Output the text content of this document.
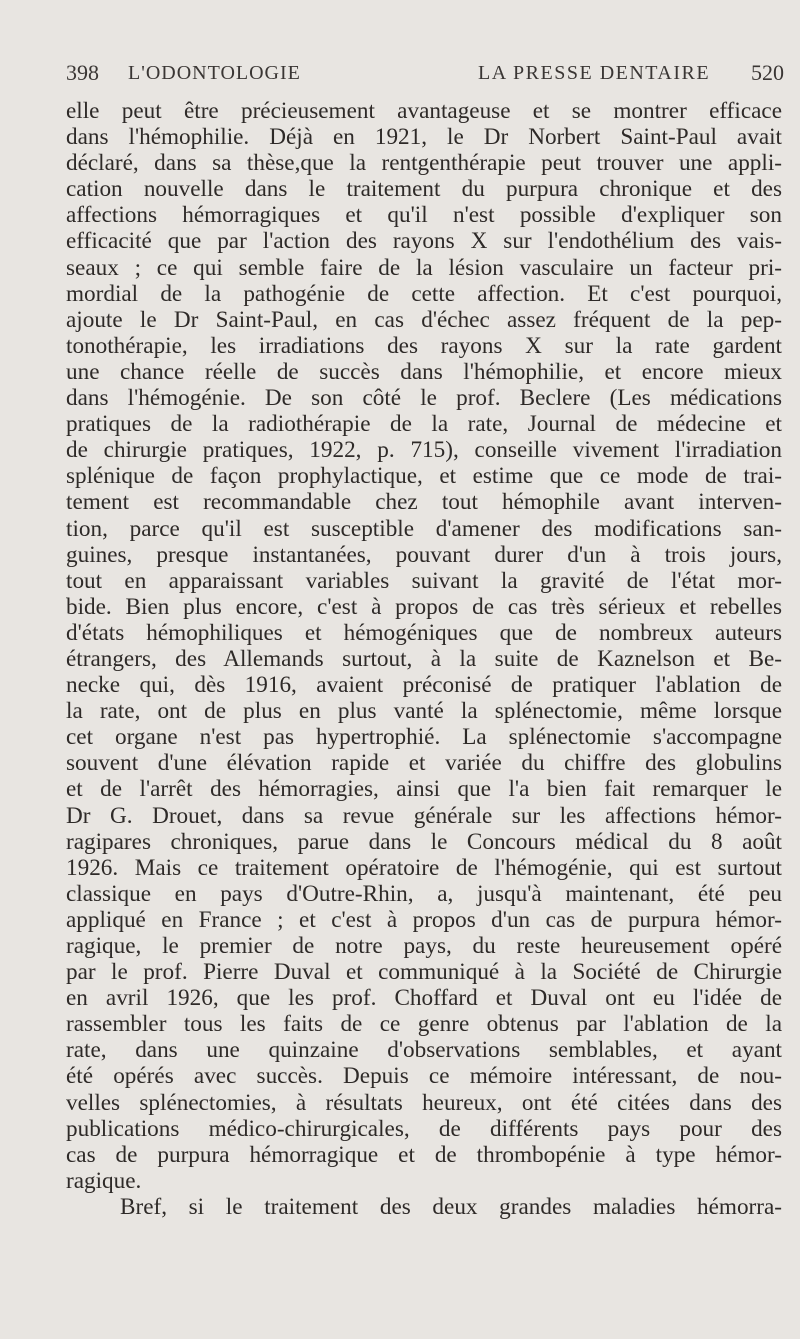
398 L'ODONTOLOGIE	LA PRESSE DENTAIRE 520
elle peut être précieusement avantageuse et se montrer efficace
dans l'hémophilie. Déjà en 1921, le Dr Norbert Saint-Paul avait
déclaré, dans sa thèse,que la rentgenthérapie peut trouver une appli-
cation nouvelle dans le traitement du purpura chronique et des
affections hémorragiques et qu'il n'est possible d'expliquer son
efficacité que par l'action des rayons X sur l'endothélium des vais-
seaux ; ce qui semble faire de la lésion vasculaire un facteur pri-
mordial de la pathogénie de cette affection. Et c'est pourquoi,
ajoute le Dr Saint-Paul, en cas d'échec assez fréquent de la pep-
tonothérapie, les irradiations des rayons X sur la rate gardent
une chance réelle de succès dans l'hémophilie, et encore mieux
dans l'hémogénie. De son côté le prof. Beclere (Les médications
pratiques de la radiothérapie de la rate, Journal de médecine et
de chirurgie pratiques, 1922, p. 715), conseille vivement l'irradiation
splénique de façon prophylactique, et estime que ce mode de trai-
tement est recommandable chez tout hémophile avant interven-
tion, parce qu'il est susceptible d'amener des modifications san-
guines, presque instantanées, pouvant durer d'un à trois jours,
tout en apparaissant variables suivant la gravité de l'état mor-
bide. Bien plus encore, c'est à propos de cas très sérieux et rebelles
d'états hémophiliques et hémogéniques que de nombreux auteurs
étrangers, des Allemands surtout, à la suite de Kaznelson et Be-
necke qui, dès 1916, avaient préconisé de pratiquer l'ablation de
la rate, ont de plus en plus vanté la splénectomie, même lorsque
cet organe n'est pas hypertrophié. La splénectomie s'accompagne
souvent d'une élévation rapide et variée du chiffre des globulins
et de l'arrêt des hémorragies, ainsi que l'a bien fait remarquer le
Dr G. Drouet, dans sa revue générale sur les affections hémor-
ragipares chroniques, parue dans le Concours médical du 8 août
1926. Mais ce traitement opératoire de l'hémogénie, qui est surtout
classique en pays d'Outre-Rhin, a, jusqu'à maintenant, été peu
appliqué en France ; et c'est à propos d'un cas de purpura hémor-
ragique, le premier de notre pays, du reste heureusement opéré
par le prof. Pierre Duval et communiqué à la Société de Chirurgie
en avril 1926, que les prof. Choffard et Duval ont eu l'idée de
rassembler tous les faits de ce genre obtenus par l'ablation de la
rate, dans une quinzaine d'observations semblables, et ayant
été opérés avec succès. Depuis ce mémoire intéressant, de nou-
velles splénectomies, à résultats heureux, ont été citées dans des
publications médico-chirurgicales, de différents pays pour des
cas de purpura hémorragique et de thrombopénie à type hémor-
ragique.
Bref, si le traitement des deux grandes maladies hémorra-
